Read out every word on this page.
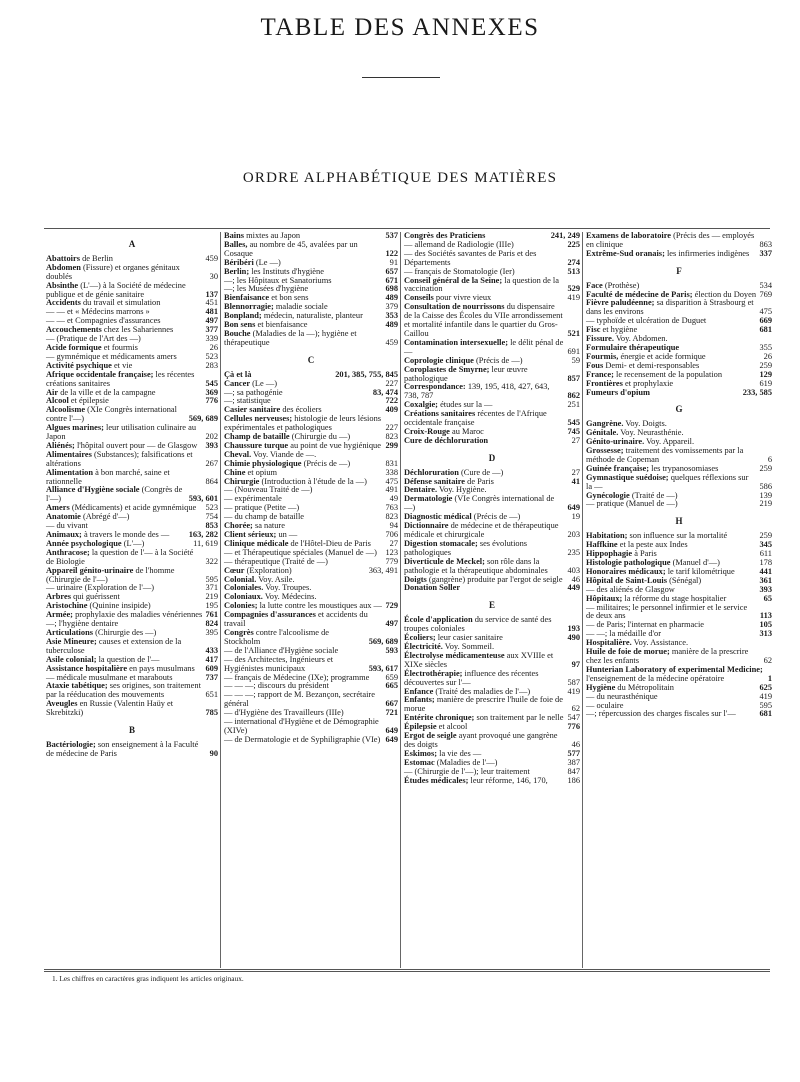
TABLE DES ANNEXES
ORDRE ALPHABÉTIQUE DES MATIÈRES
A
Abattoirs de Berlin	459
Abdomen (Fissure) et organes génitaux doublés	30
Absinthe (L'—) à la Société de médecine publique et de génie sanitaire	137
Accidents du travail et simulation	451
— — et « Médecins marrons »	481
— — et Compagnies d'assurances	497
Accouchements chez les Sahariennes	377
— (Pratique de l'Art des —)	339
Acide formique et fourmis	26
— gymnémique et médicaments amers	523
Activité psychique et vie	283
Afrique occidentale française; les récentes créations sanitaires	545
Air de la ville et de la campagne	369
Alcool et épilepsie	776
Alcoolisme (XIe Congrès international contre l'—)	569, 689
Algues marines; leur utilisation culinaire au Japon	202
Aliénés; l'hôpital ouvert pour — de Glasgow 393
Alimentaires (Substances); falsifications et altérations	267
Alimentation à bon marché, saine et rationnelle	864
Alliance d'Hygiène sociale (Congrès de l'—)	593, 601
Amers (Médicaments) et acide gymnémique	523
Anatomie (Abrégé d'—)	754
— du vivant	853
Animaux; à travers le monde des —	163, 282
Année psychologique (L'—)	11, 619
Anthracose; la question de l'— à la Société de Biologie	322
Appareil génito-urinaire de l'homme (Chirurgie de l'—)	595
— urinaire (Exploration de l'—)	371
Arbres qui guérissent	219
Aristochine (Quinine insipide)	195
Armée; prophylaxie des maladies vénériennes 761
—; l'hygiène dentaire	824
Articulations (Chirurgie des —)	395
Asie Mineure; causes et extension de la tuberculose	433
Asile colonial; la question de l'—	417
Assistance hospitalière en pays musulmans	609
— médicale musulmane et marabouts	737
Ataxie tabétique; ses origines, son traitement par la rééducation des mouvements	651
Aveugles en Russie (Valentin Haüy et Skrebitzki)	785
B
Bactériologie; son enseignement à la Faculté de médecine de Paris	90
Bains mixtes au Japon	537
Balles, au nombre de 45, avalées par un Cosaque	122
Béribéri (Le —)	91
Berlin; les Instituts d'hygiène	657
—; les Hôpitaux et Sanatoriums	671
—; les Musées d'hygiène	698
Bienfaisance et bon sens	489
Blennorragie; maladie sociale	379
Bonpland; médecin, naturaliste, planteur	353
Bon sens et bienfaisance	489
Bouche (Maladies de la —); hygiène et thérapeutique	459
C
Çà et là	201, 385, 755, 845
Cancer (Le —)	227
—; sa pathogénie	83, 474
—; statistique	722
Casier sanitaire des écoliers	409
Cellules nerveuses; histologie de leurs lésions expérimentales et pathologiques	227
Champ de bataille (Chirurgie du —)	823
Chaussure turque au point de vue hygiénique 299
Cheval. Voy. Viande de —.
Chimie physiologique (Précis de —)	831
Chine et opium	338
Chirurgie (Introduction à l'étude de la —)	475
— (Nouveau Traité de —)	491
— expérimentale	49
— pratique (Petite —)	763
— du champ de bataille	823
Chorée; sa nature	94
Client sérieux; un —	706
Clinique médicale de l'Hôtel-Dieu de Paris	27
— et Thérapeutique spéciales (Manuel de —)	123
— thérapeutique (Traité de —)	779
Cœur (Exploration)	363, 491
Colonial. Voy. Asile.
Coloniales. Voy. Troupes.
Coloniaux. Voy. Médecins.
Colonies; la lutte contre les moustiques aux — 729
Compagnies d'assurances et accidents du travail	497
Congrès contre l'alcoolisme de Stockholm	569, 689
— de l'Alliance d'Hygiène sociale	593
— des Architectes, Ingénieurs et Hygiénistes municipaux	593, 617
— français de Médecine (IXe); programme	659
— — —; discours du président	665
— — —; rapport de M. Bezançon, secrétaire général	667
— d'Hygiène des Travailleurs (IIIe)	721
— international d'Hygiène et de Démographie (XIVe)	649
— de Dermatologie et de Syphiligraphie (VIe) 649
Congrès des Praticiens	241, 249
— allemand de Radiologie (IIIe)	225
— des Sociétés savantes de Paris et des Départements	274
— français de Stomatologie (Ier)	513
Conseil général de la Seine; la question de la vaccination	529
Conseils pour vivre vieux	419
Consultation de nourrissons du dispensaire de la Caisse des Écoles du VIIe arrondissement et mortalité infantile dans le quartier du Gros-Caillou	521
Contamination intersexuelle; le délit pénal de —	691
Coprologie clinique (Précis de —)	59
Coroplastes de Smyrne; leur œuvre pathologique	857
Correspondance: 139, 195, 418, 427, 643, 738, 787	862
Coxalgie; études sur la —	251
Créations sanitaires récentes de l'Afrique occidentale française	545
Croix-Rouge au Maroc	745
Cure de déchloruration	27
D
Déchloruration (Cure de —)	27
Défense sanitaire de Paris	41
Dentaire. Voy. Hygiène.
Dermatologie (VIe Congrès international de —)	649
Diagnostic médical (Précis de —)	19
Dictionnaire de médecine et de thérapeutique médicale et chirurgicale	203
Digestion stomacale; ses évolutions pathologiques	235
Diverticule de Meckel; son rôle dans la pathologie et la thérapeutique abdominales	403
Doigts (gangrène) produite par l'ergot de seigle	46
Donation Soller	449
E
École d'application du service de santé des troupes coloniales	193
Écoliers; leur casier sanitaire	490
Électricité. Voy. Sommeil.
Électrolyse médicamenteuse aux XVIIIe et XIXe siècles	97
Électrothérapie; influence des récentes découvertes sur l'—	587
Enfance (Traité des maladies de l'—)	419
Enfants; manière de prescrire l'huile de foie de morue	62
Entérite chronique; son traitement par le nelle 547
Épilepsie et alcool	776
Ergot de seigle ayant provoqué une gangrène des doigts	46
Eskimos; la vie des —	577
Estomac (Maladies de l'—)	387
— (Chirurgie de l'—); leur traitement	847
Études médicales; leur réforme, 146, 170,	186
Examens de laboratoire (Précis des — employés en clinique	863
Extrême-Sud oranais; les infirmeries indigènes	337
F
Face (Prothèse)	534
Faculté de médecine de Paris; élection du Doyen 769
Fièvre paludéenne; sa disparition à Strasbourg et dans les environs	475
— typhoïde et ulcération de Duguet	669
Fisc et hygiène	681
Fissure. Voy. Abdomen.
Formulaire thérapeutique	355
Fourmis, énergie et acide formique	26
Fous Demi- et demi-responsables	259
France; le recensement de la population	129
Frontières et prophylaxie	619
Fumeurs d'opium	233, 585
G
Gangrène. Voy. Doigts.
Génitale. Voy. Neurasthénie.
Génito-urinaire. Voy. Appareil.
Grossesse; traitement des vomissements par la méthode de Copeman	6
Guinée française; les trypanosomiases	259
Gymnastique suédoise; quelques réflexions sur la —	586
Gynécologie (Traité de —)	139
— pratique (Manuel de —)	219
H
Habitation; son influence sur la mortalité	259
Haffkine et la peste aux Indes	345
Hippophagie à Paris	611
Histologie pathologique (Manuel d'—)	178
Honoraires médicaux; le tarif kilométrique	441
Hôpital de Saint-Louis (Sénégal)	361
— des aliénés de Glasgow	393
Hôpitaux; la réforme du stage hospitalier	65
— militaires; le personnel infirmier et le service de deux ans	113
— de Paris; l'internat en pharmacie	105
— —; la médaille d'or	313
Hospitalière. Voy. Assistance.
Huile de foie de morue; manière de la prescrire chez les enfants	62
Hunterian Laboratory of experimental Medicine; l'enseignement de la médecine opératoire	1
Hygiène du Métropolitain	625
— du neurasthénique	419
— oculaire	595
—; répercussion des charges fiscales sur l'—	681
1. Les chiffres en caractères gras indiquent les articles originaux.
